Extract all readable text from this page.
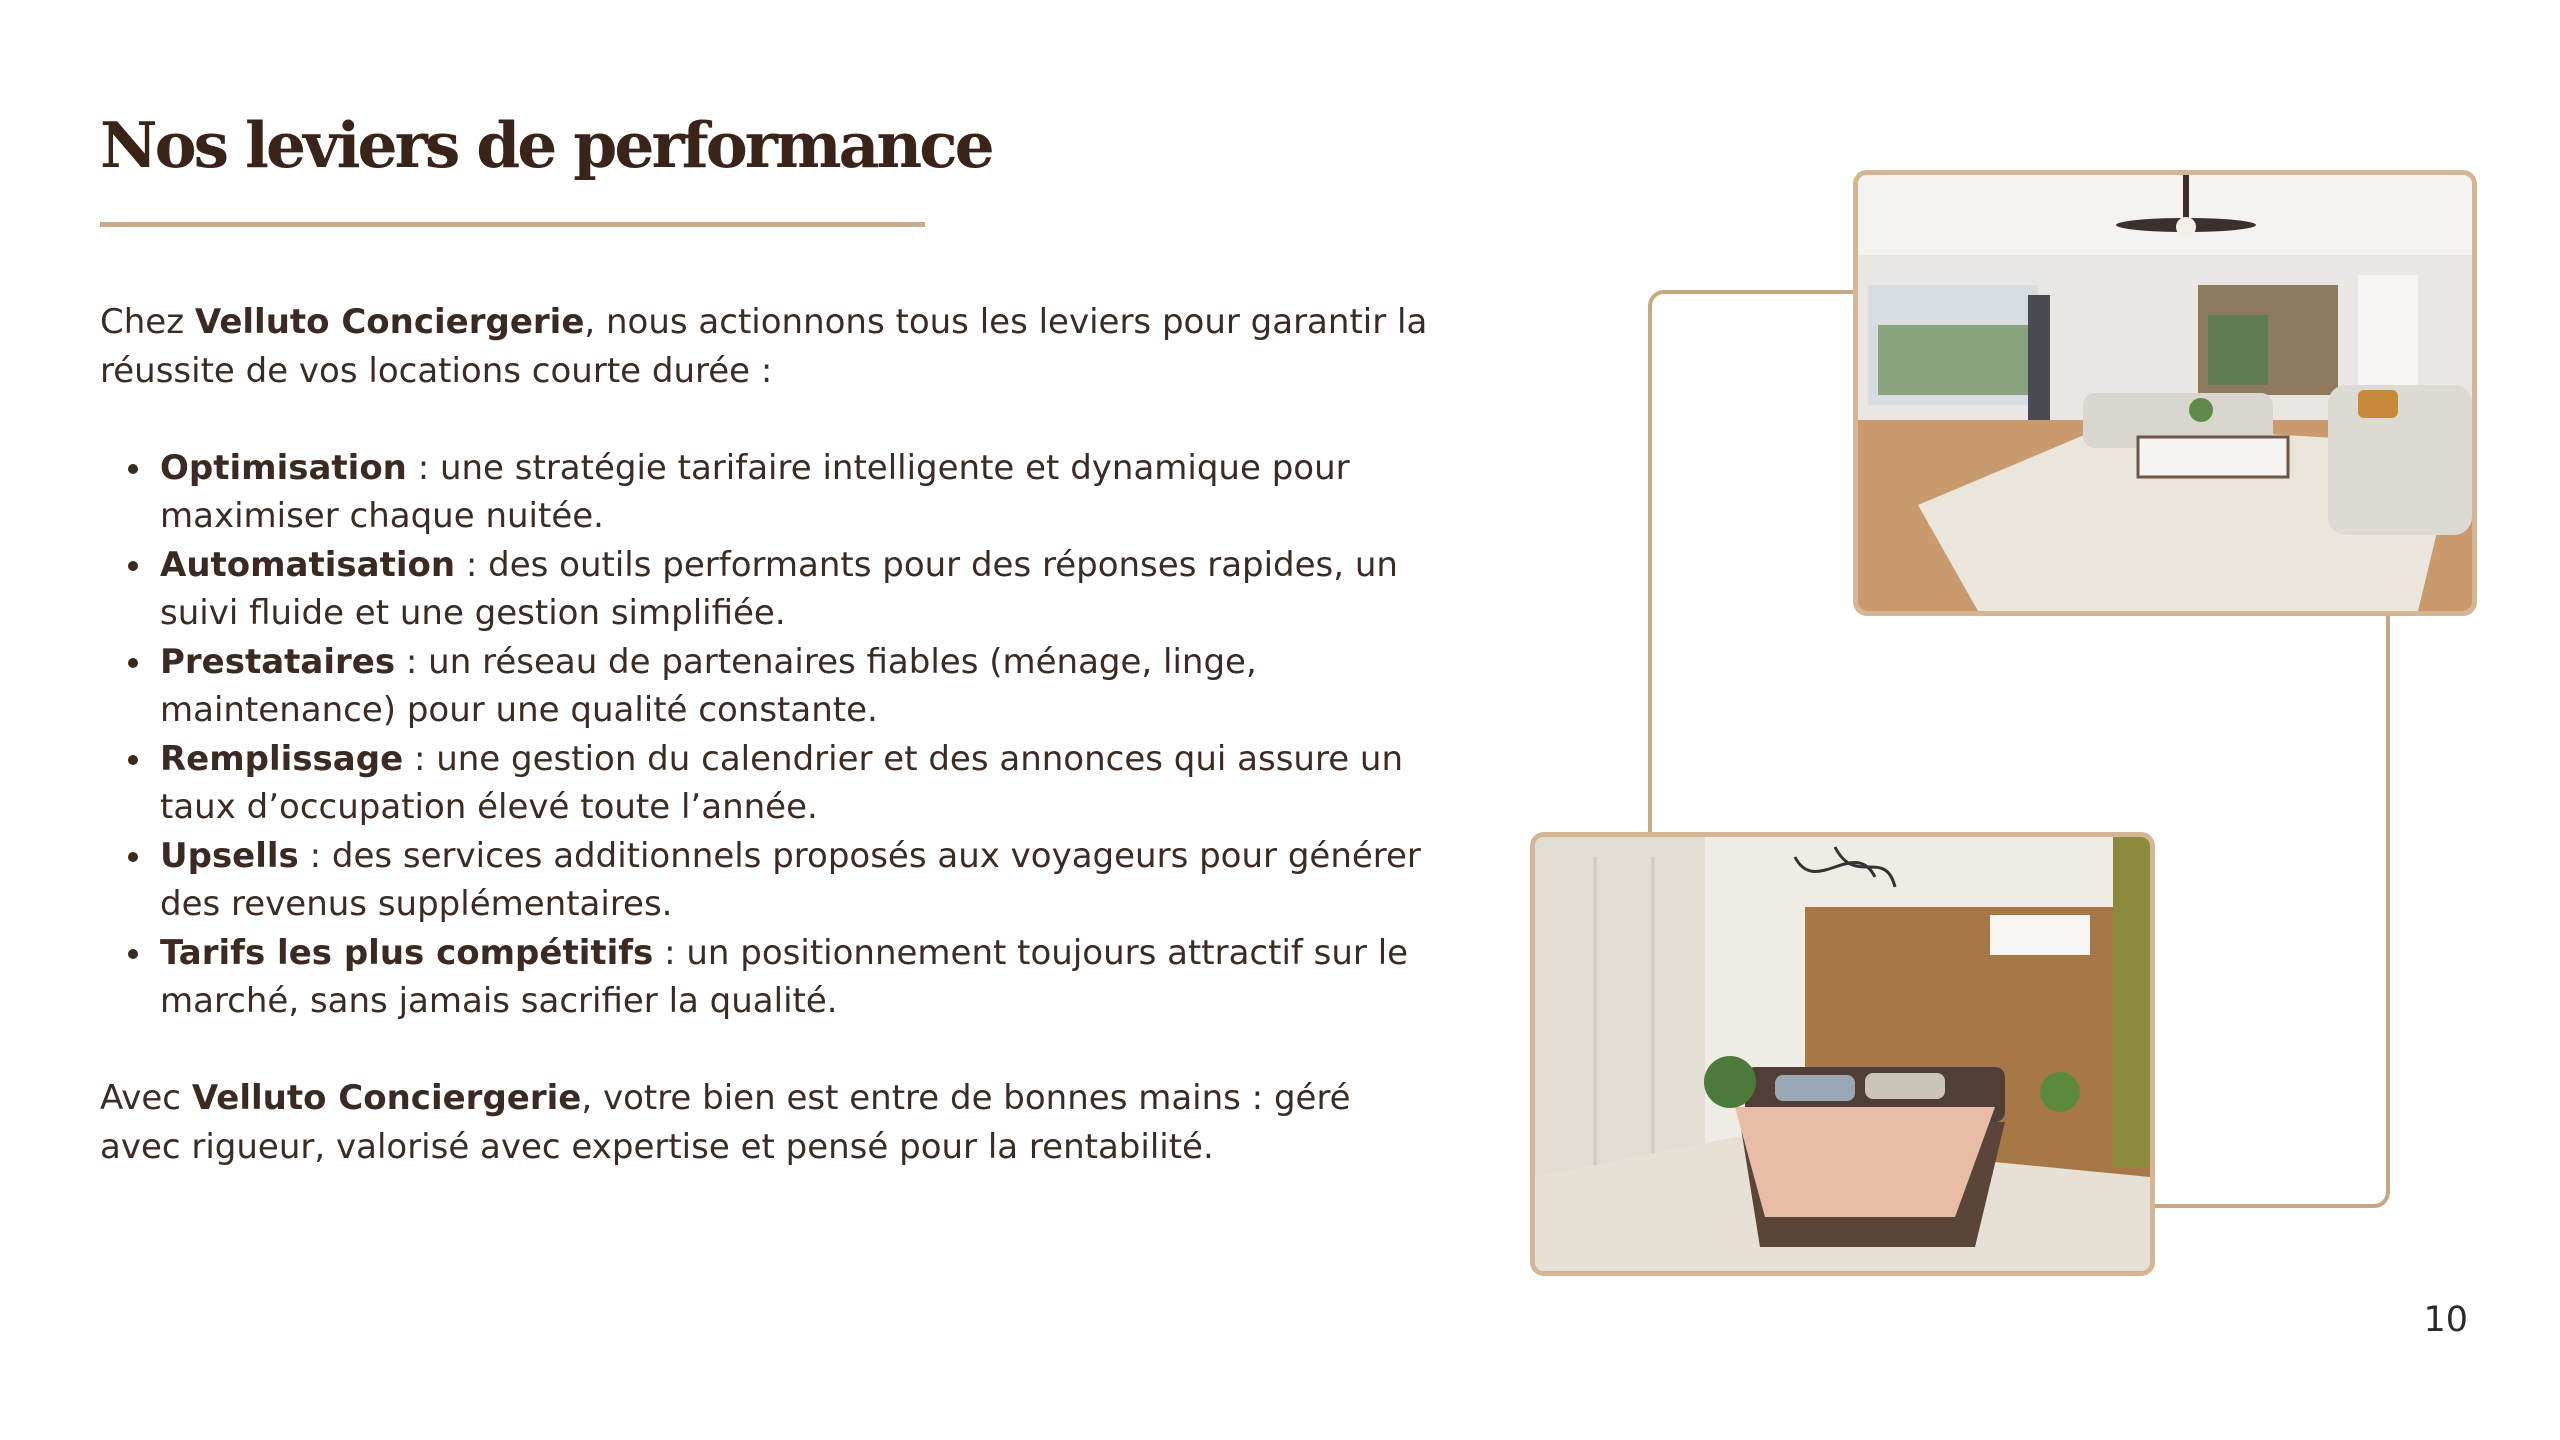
Nos leviers de performance

Chez Velluto Conciergerie, nous actionnons tous les leviers pour garantir la réussite de vos locations courte durée :

Optimisation : une stratégie tarifaire intelligente et dynamique pour maximiser chaque nuitée.
Automatisation : des outils performants pour des réponses rapides, un suivi fluide et une gestion simplifiée.
Prestataires : un réseau de partenaires fiables (ménage, linge, maintenance) pour une qualité constante.
Remplissage : une gestion du calendrier et des annonces qui assure un taux d’occupation élevé toute l’année.
Upsells : des services additionnels proposés aux voyageurs pour générer des revenus supplémentaires.
Tarifs les plus compétitifs : un positionnement toujours attractif sur le marché, sans jamais sacrifier la qualité.

Avec Velluto Conciergerie, votre bien est entre de bonnes mains : géré avec rigueur, valorisé avec expertise et pensé pour la rentabilité.

10
